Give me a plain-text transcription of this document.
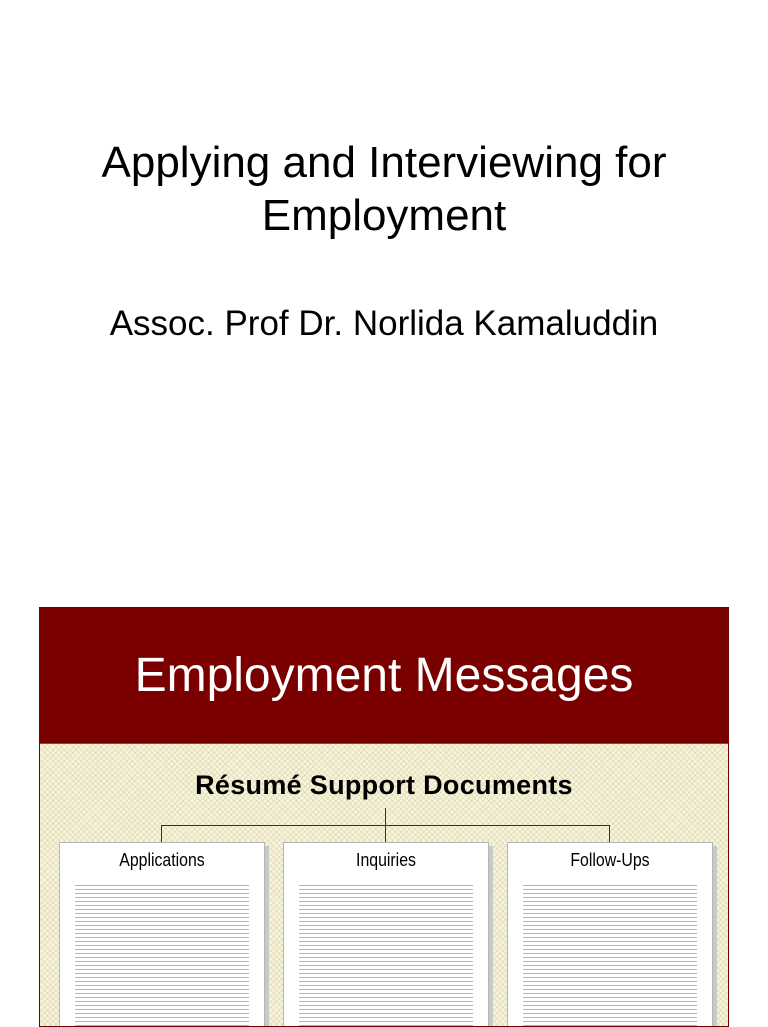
Applying and Interviewing for
Employment
Assoc. Prof Dr. Norlida Kamaluddin
Employment Messages
Résumé Support Documents
Applications	Inquiries	Follow-Ups
